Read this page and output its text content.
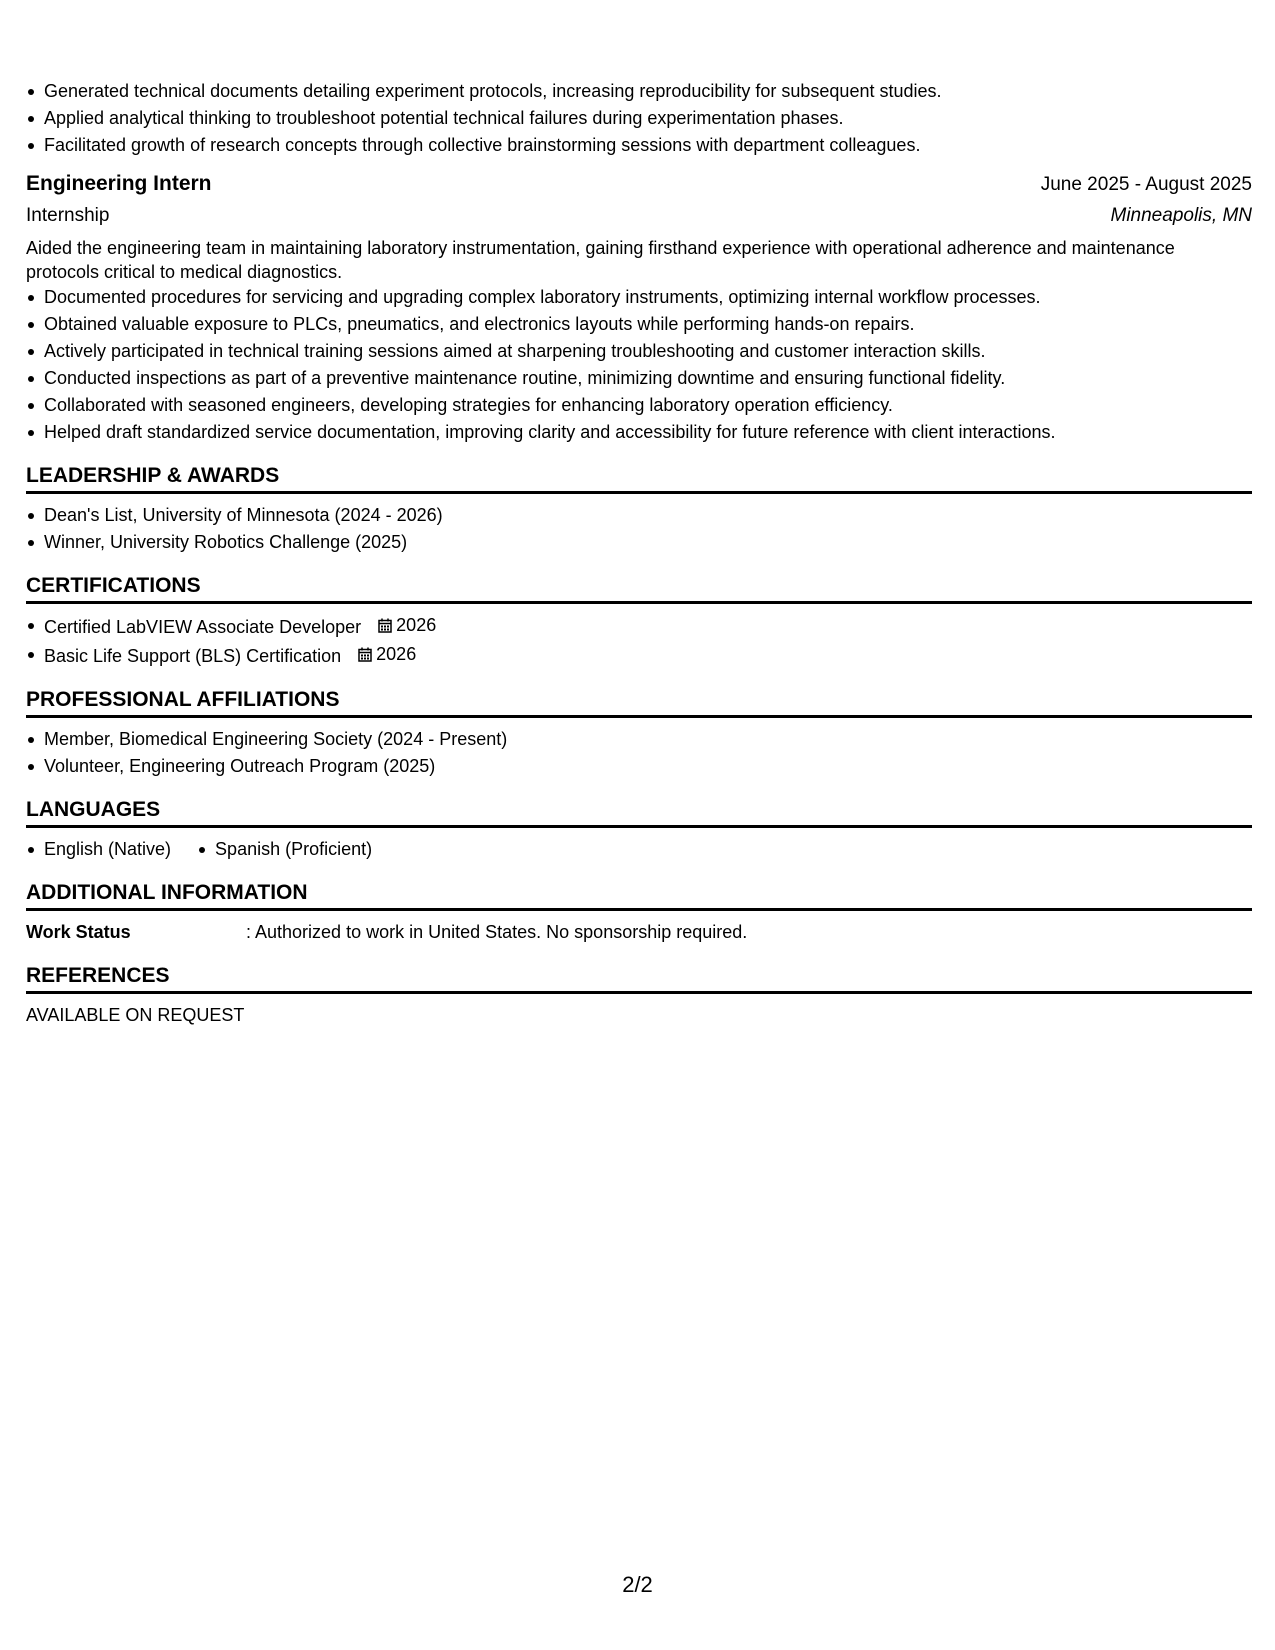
Generated technical documents detailing experiment protocols, increasing reproducibility for subsequent studies.
Applied analytical thinking to troubleshoot potential technical failures during experimentation phases.
Facilitated growth of research concepts through collective brainstorming sessions with department colleagues.
Engineering Intern	June 2025 - August 2025
Internship	Minneapolis, MN
Aided the engineering team in maintaining laboratory instrumentation, gaining firsthand experience with operational adherence and maintenance protocols critical to medical diagnostics.
Documented procedures for servicing and upgrading complex laboratory instruments, optimizing internal workflow processes.
Obtained valuable exposure to PLCs, pneumatics, and electronics layouts while performing hands-on repairs.
Actively participated in technical training sessions aimed at sharpening troubleshooting and customer interaction skills.
Conducted inspections as part of a preventive maintenance routine, minimizing downtime and ensuring functional fidelity.
Collaborated with seasoned engineers, developing strategies for enhancing laboratory operation efficiency.
Helped draft standardized service documentation, improving clarity and accessibility for future reference with client interactions.
LEADERSHIP & AWARDS
Dean's List, University of Minnesota (2024 - 2026)
Winner, University Robotics Challenge (2025)
CERTIFICATIONS
Certified LabVIEW Associate Developer 2026
Basic Life Support (BLS) Certification 2026
PROFESSIONAL AFFILIATIONS
Member, Biomedical Engineering Society (2024 - Present)
Volunteer, Engineering Outreach Program (2025)
LANGUAGES
English (Native) Spanish (Proficient)
ADDITIONAL INFORMATION
Work Status	: Authorized to work in United States. No sponsorship required.
REFERENCES
AVAILABLE ON REQUEST
2/2
